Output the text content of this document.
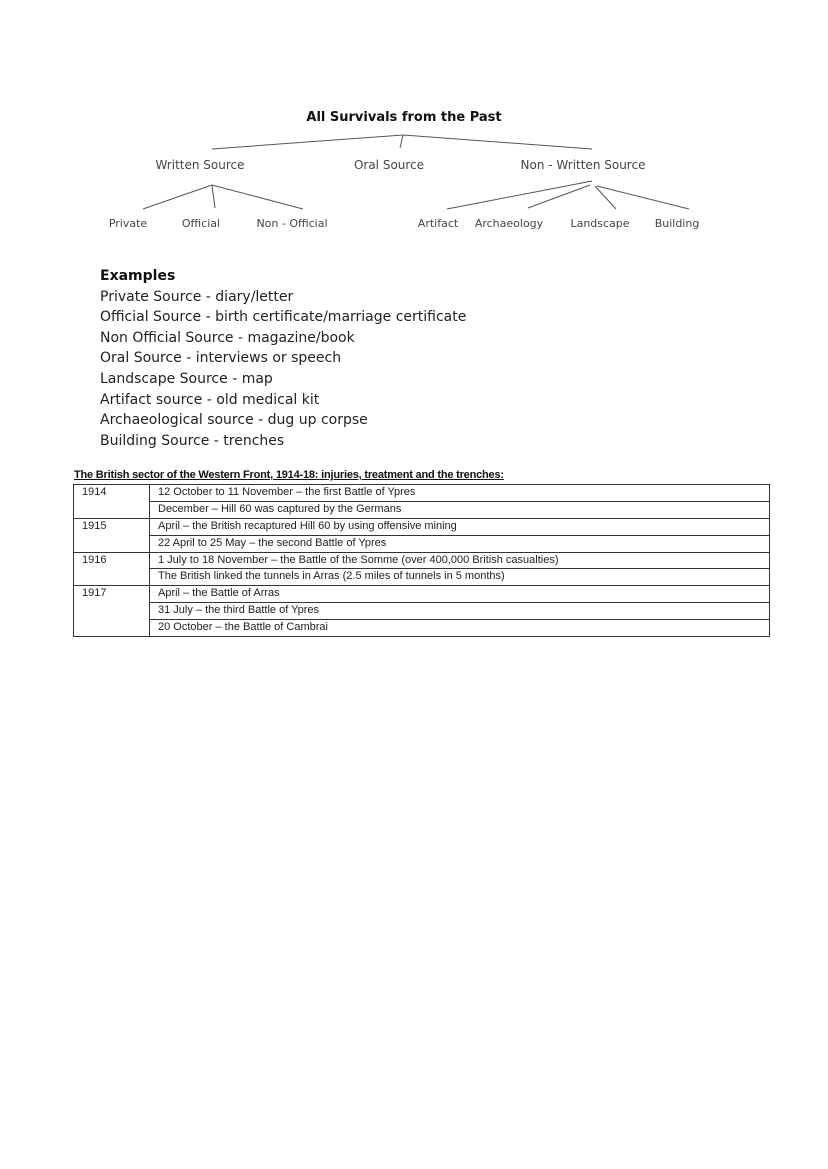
All Survivals from the Past
Written Source	Oral Source	Non - Written Source
Private	Official	Non - Official	Artifact Archaeology Landscape Building
Examples
Private Source - diary/letter
Official Source - birth certificate/marriage certificate
Non Official Source - magazine/book
Oral Source - interviews or speech
Landscape Source - map
Artifact source - old medical kit
Archaeological source - dug up corpse
Building Source - trenches
The British sector of the Western Front, 1914-18: injuries, treatment and the trenches:
1914	12 October to 11 November – the first Battle of Ypres
	December – Hill 60 was captured by the Germans
1915	April – the British recaptured Hill 60 by using offensive mining
	22 April to 25 May – the second Battle of Ypres
1916	1 July to 18 November – the Battle of the Somme (over 400,000 British casualties)
	The British linked the tunnels in Arras (2.5 miles of tunnels in 5 months)
1917	April – the Battle of Arras
	31 July – the third Battle of Ypres
	20 October – the Battle of Cambrai
